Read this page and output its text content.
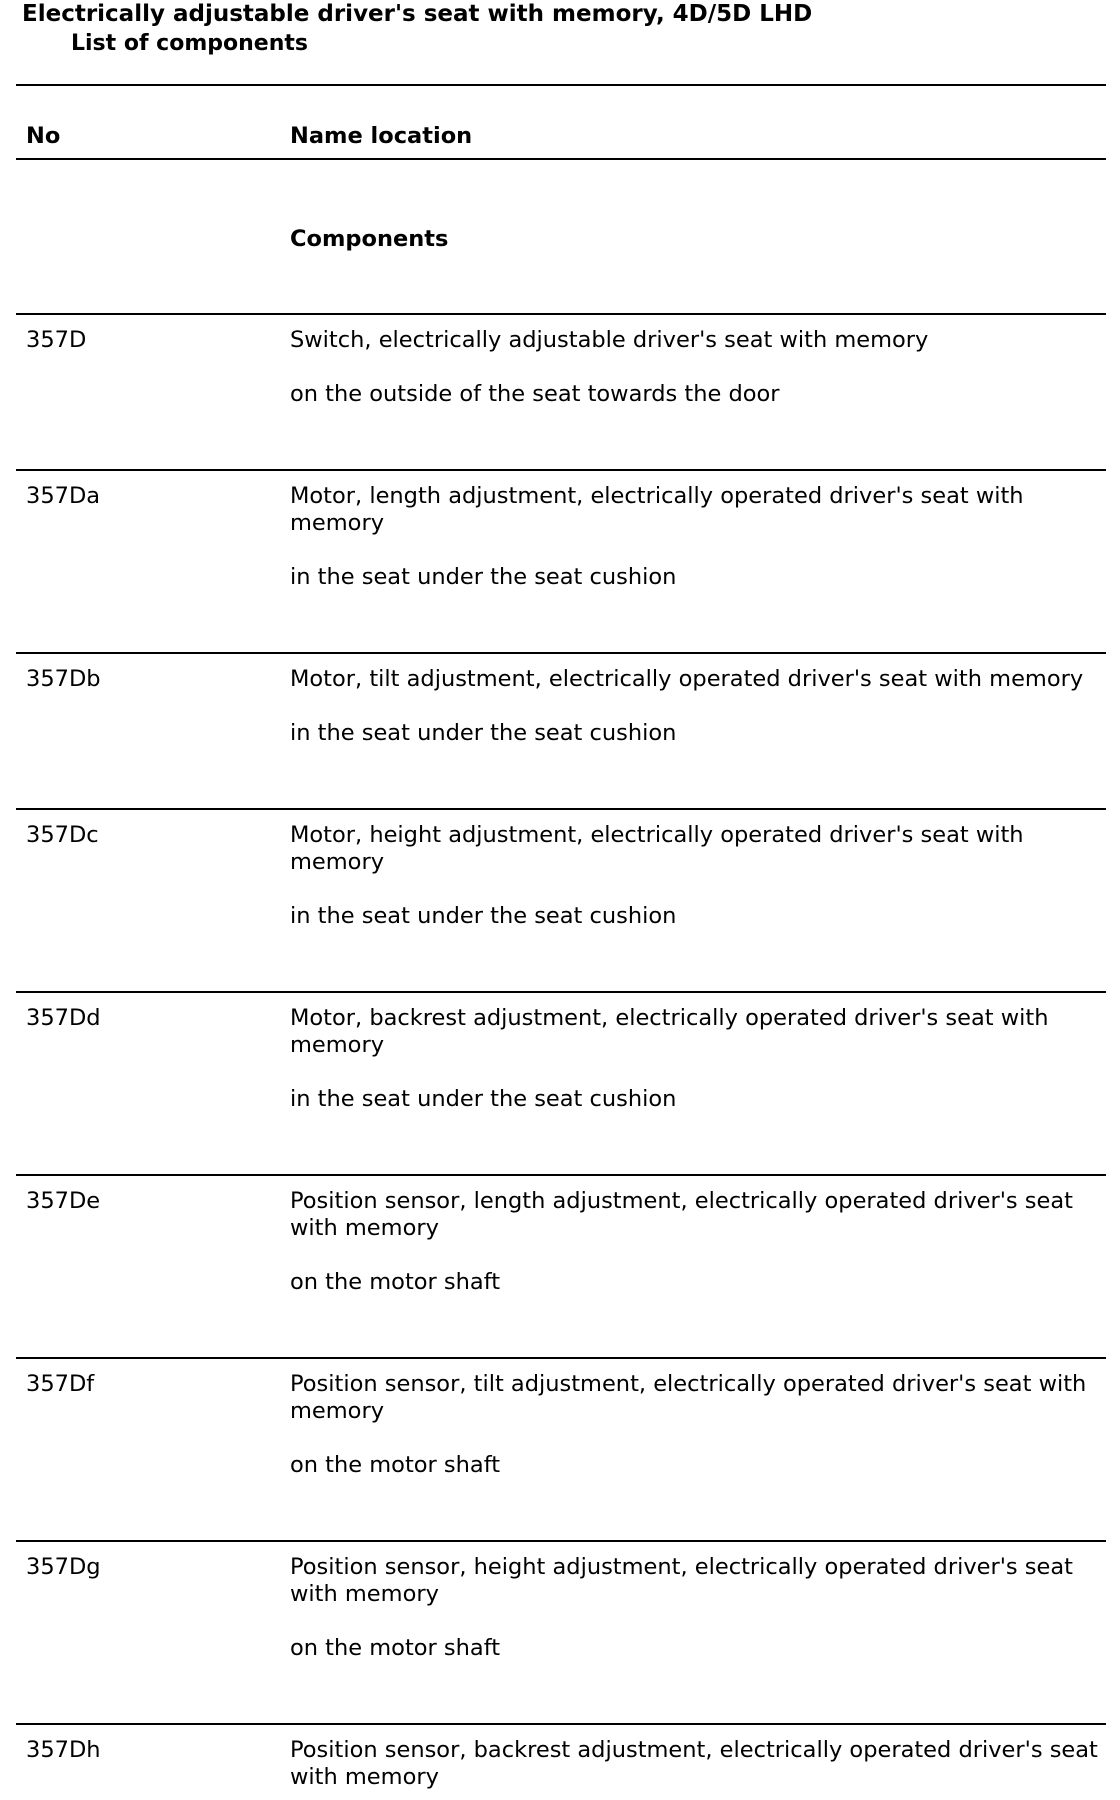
Electrically adjustable driver's seat with memory, 4D/5D LHD

List of components

No	Name location
Components
357D	Switch, electrically adjustable driver's seat with memory
on the outside of the seat towards the door
357Da	Motor, length adjustment, electrically operated driver's seat with
memory
in the seat under the seat cushion
357Db	Motor, tilt adjustment, electrically operated driver's seat with memory
in the seat under the seat cushion
357Dc	Motor, height adjustment, electrically operated driver's seat with
memory
in the seat under the seat cushion
357Dd	Motor, backrest adjustment, electrically operated driver's seat with
memory
in the seat under the seat cushion
357De	Position sensor, length adjustment, electrically operated driver's seat
with memory
on the motor shaft
357Df	Position sensor, tilt adjustment, electrically operated driver's seat with
memory
on the motor shaft
357Dg	Position sensor, height adjustment, electrically operated driver's seat
with memory
on the motor shaft
357Dh	Position sensor, backrest adjustment, electrically operated driver's seat
with memory
